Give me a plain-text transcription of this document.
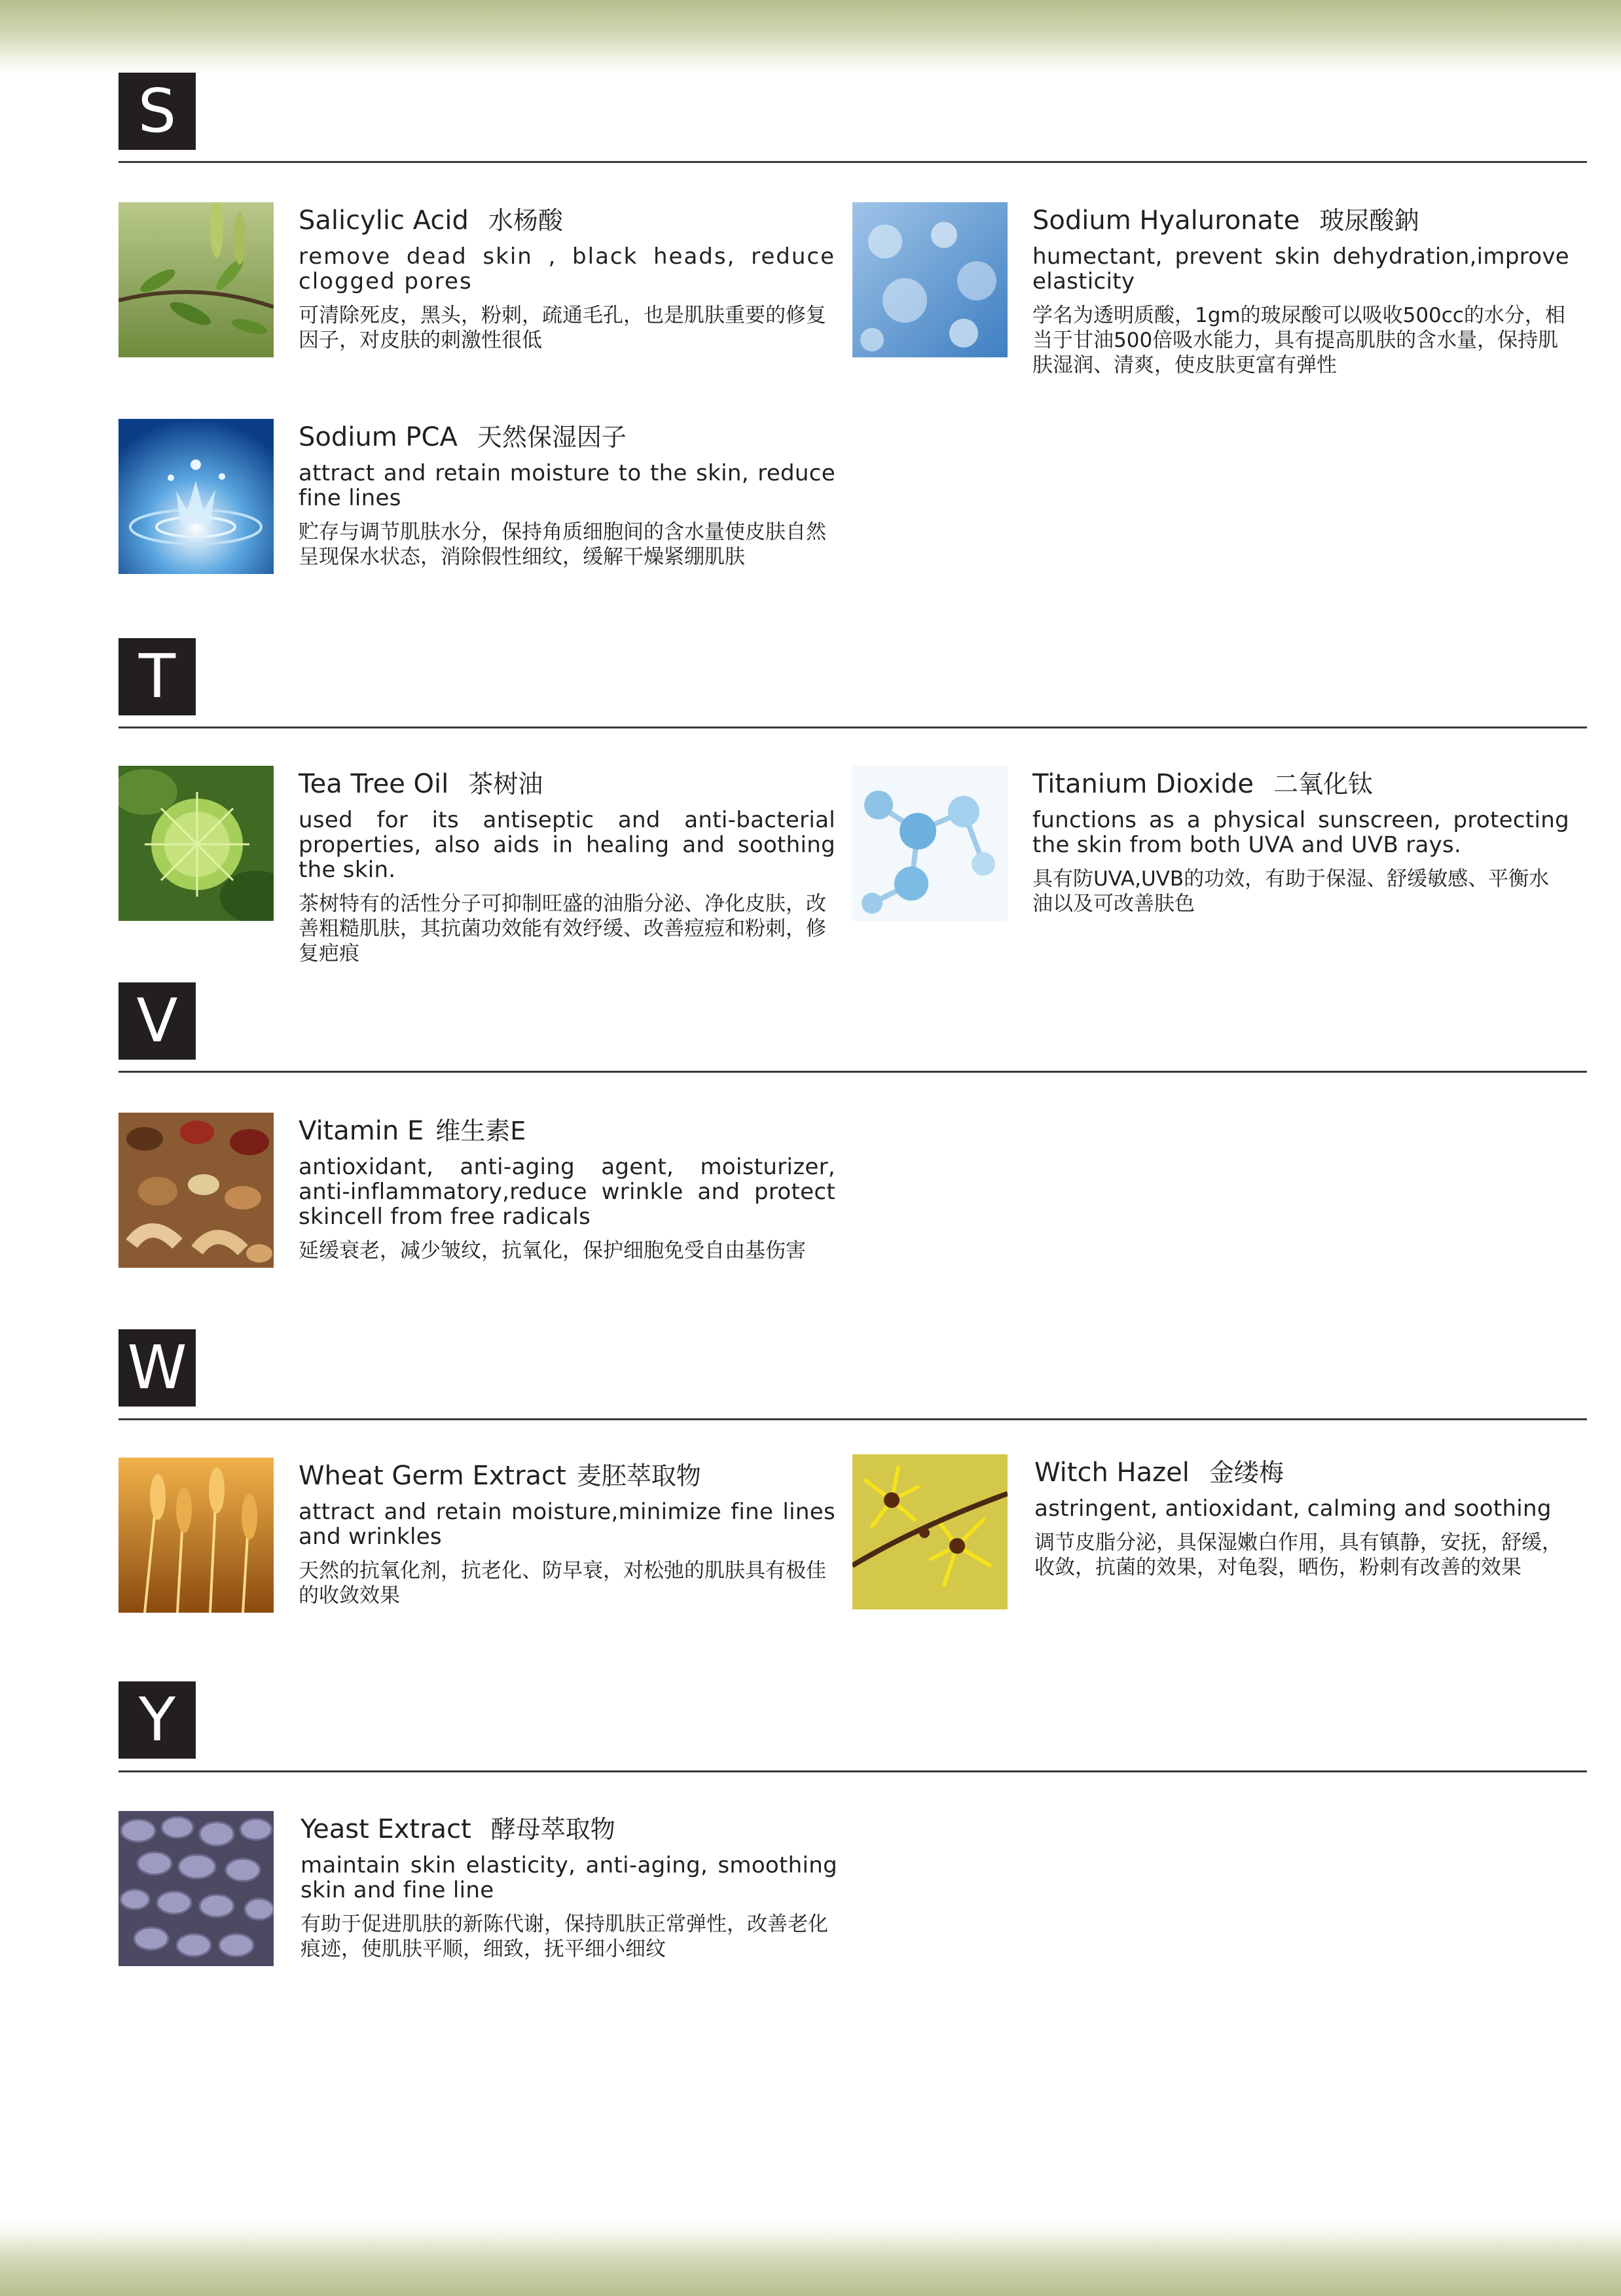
S
Salicylic Acid 水杨酸

remove dead skin , black heads, reduce clogged pores

可清除死皮，黑头，粉刺，疏通毛孔，也是肌肤重要的修复因子，对皮肤的刺激性很低

Sodium Hyaluronate 玻尿酸鈉

humectant, prevent skin dehydration,improve elasticity

学名为透明质酸，1gm的玻尿酸可以吸收500cc的水分，相当于甘油500倍吸水能力，具有提高肌肤的含水量，保持肌肤湿润、清爽，使皮肤更富有弹性

Sodium PCA 天然保湿因子

attract and retain moisture to the skin, reduce fine lines

贮存与调节肌肤水分，保持角质细胞间的含水量使皮肤自然呈现保水状态，消除假性细纹，缓解干燥紧绷肌肤

T
Tea Tree Oil 茶树油

used for its antiseptic and anti-bacterial properties, also aids in healing and soothing the skin.

茶树特有的活性分子可抑制旺盛的油脂分泌、净化皮肤，改善粗糙肌肤，其抗菌功效能有效纾缓、改善痘痘和粉刺，修复疤痕

Titanium Dioxide 二氧化钛

functions as a physical sunscreen, protecting the skin from both UVA and UVB rays.

具有防UVA,UVB的功效，有助于保湿、舒缓敏感、平衡水油以及可改善肤色

V
Vitamin E 维生素E

antioxidant, anti-aging agent, moisturizer, anti-inflammatory,reduce wrinkle and protect skincell from free radicals

延缓衰老，减少皱纹，抗氧化，保护细胞免受自由基伤害

W
Wheat Germ Extract 麦胚萃取物

attract and retain moisture,minimize fine lines and wrinkles

天然的抗氧化剂，抗老化、防早衰，对松弛的肌肤具有极佳的收敛效果

Witch Hazel 金缕梅

astringent, antioxidant, calming and soothing

调节皮脂分泌，具保湿嫩白作用，具有镇静，安抚，舒缓，收敛，抗菌的效果，对龟裂，晒伤，粉刺有改善的效果

Y
Yeast Extract 酵母萃取物

maintain skin elasticity, anti-aging, smoothing skin and fine line

有助于促进肌肤的新陈代谢，保持肌肤正常弹性，改善老化痕迹，使肌肤平顺，细致，抚平细小细纹
